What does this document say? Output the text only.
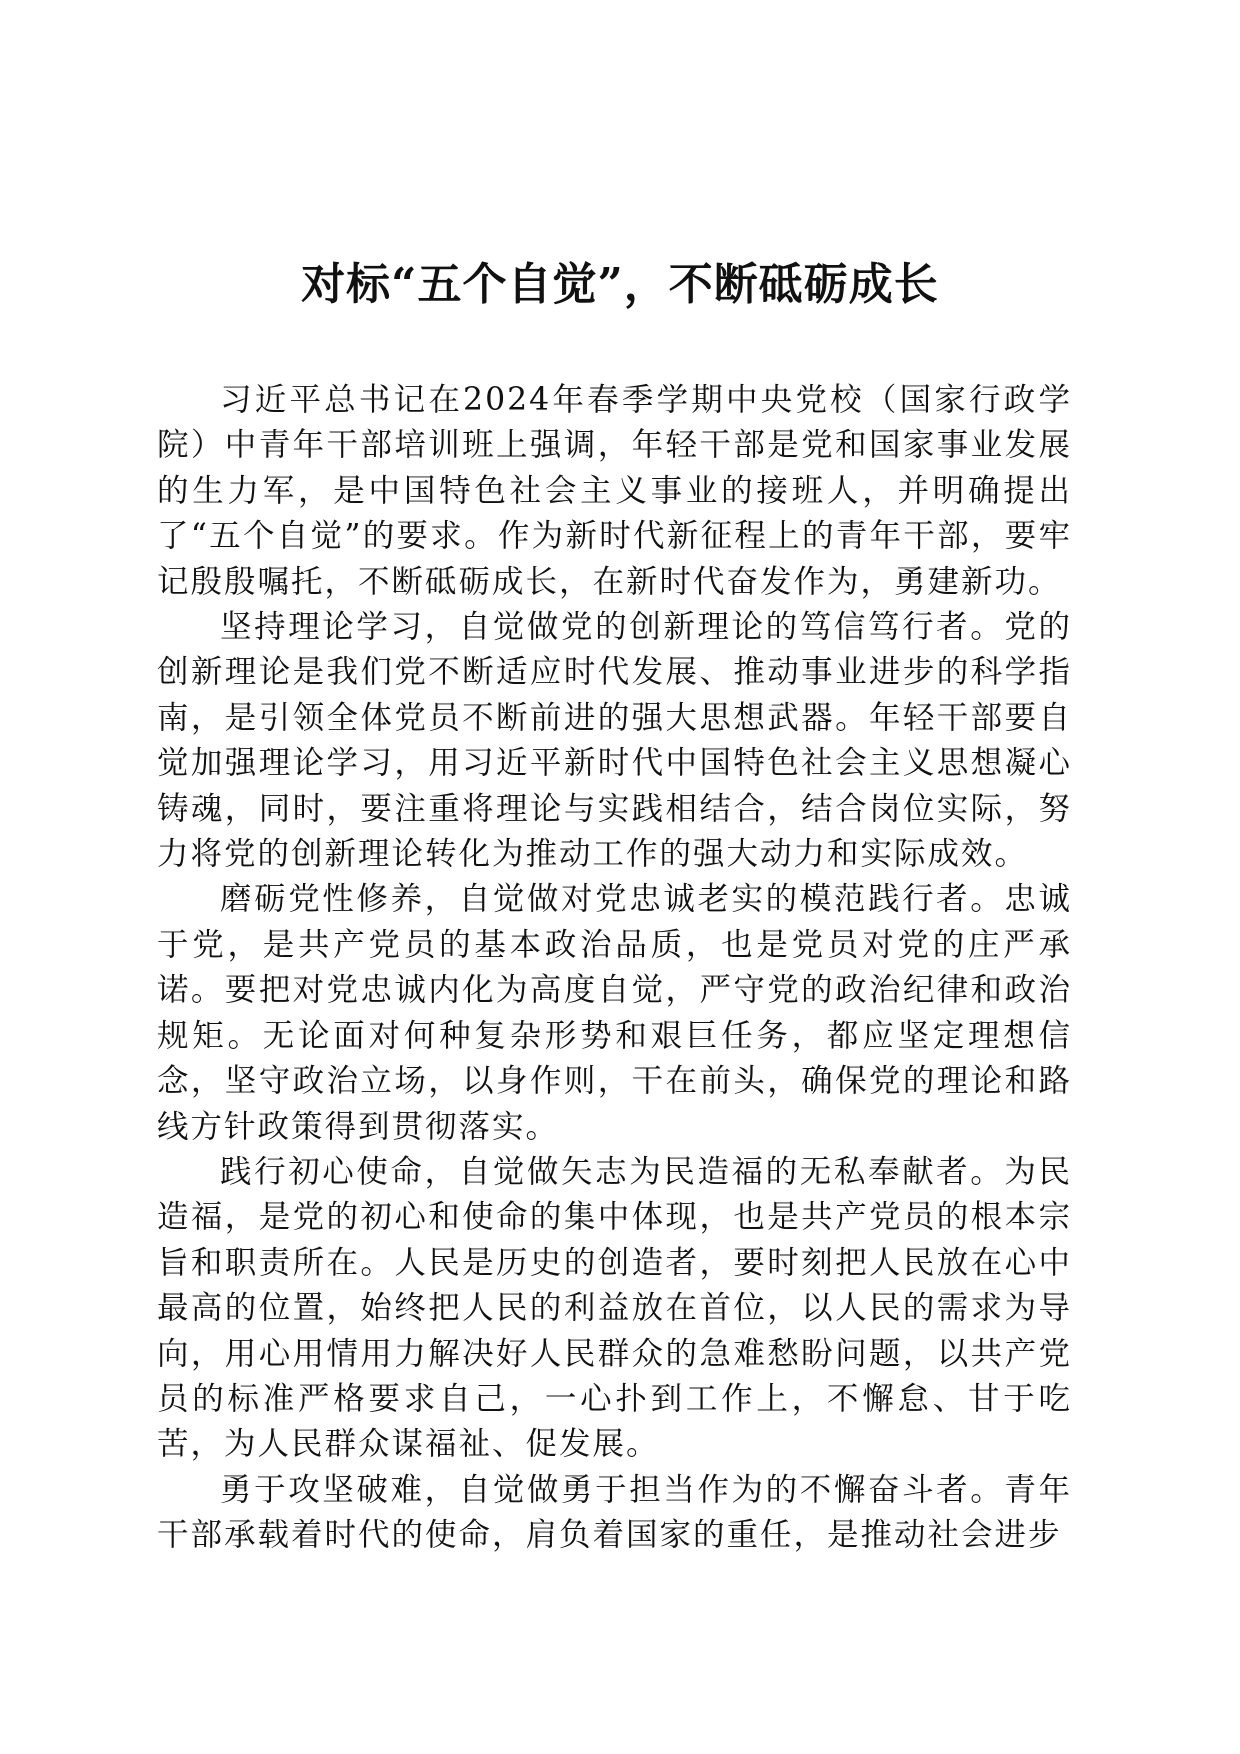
对标“五个自觉”，不断砥砺成长

习近平总书记在2024年春季学期中央党校（国家行政学院）中青年干部培训班上强调，年轻干部是党和国家事业发展的生力军，是中国特色社会主义事业的接班人，并明确提出了“五个自觉”的要求。作为新时代新征程上的青年干部，要牢记殷殷嘱托，不断砥砺成长，在新时代奋发作为，勇建新功。

坚持理论学习，自觉做党的创新理论的笃信笃行者。党的创新理论是我们党不断适应时代发展、推动事业进步的科学指南，是引领全体党员不断前进的强大思想武器。年轻干部要自觉加强理论学习，用习近平新时代中国特色社会主义思想凝心铸魂，同时，要注重将理论与实践相结合，结合岗位实际，努力将党的创新理论转化为推动工作的强大动力和实际成效。

磨砺党性修养，自觉做对党忠诚老实的模范践行者。忠诚于党，是共产党员的基本政治品质，也是党员对党的庄严承诺。要把对党忠诚内化为高度自觉，严守党的政治纪律和政治规矩。无论面对何种复杂形势和艰巨任务，都应坚定理想信念，坚守政治立场，以身作则，干在前头，确保党的理论和路线方针政策得到贯彻落实。

践行初心使命，自觉做矢志为民造福的无私奉献者。为民造福，是党的初心和使命的集中体现，也是共产党员的根本宗旨和职责所在。人民是历史的创造者，要时刻把人民放在心中最高的位置，始终把人民的利益放在首位，以人民的需求为导向，用心用情用力解决好人民群众的急难愁盼问题，以共产党员的标准严格要求自己，一心扑到工作上，不懈怠、甘于吃苦，为人民群众谋福祉、促发展。

勇于攻坚破难，自觉做勇于担当作为的不懈奋斗者。青年干部承载着时代的使命，肩负着国家的重任，是推动社会进步
